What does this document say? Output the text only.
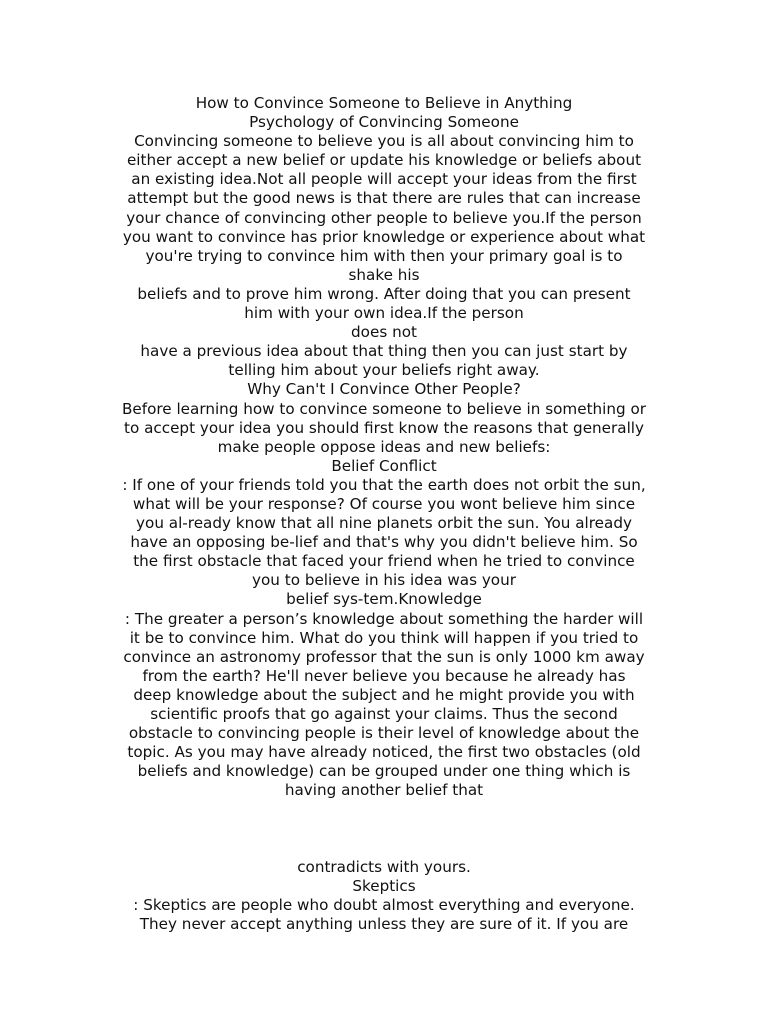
How to Convince Someone to Believe in Anything
Psychology of Convincing Someone
Convincing someone to believe you is all about convincing him to
either accept a new belief or update his knowledge or beliefs about
an existing idea.Not all people will accept your ideas from the first
attempt but the good news is that there are rules that can increase
your chance of convincing other people to believe you.If the person
you want to convince has prior knowledge or experience about what
you're trying to convince him with then your primary goal is to
shake his
beliefs and to prove him wrong. After doing that you can present
him with your own idea.If the person
does not
have a previous idea about that thing then you can just start by
telling him about your beliefs right away.
Why Can't I Convince Other People?
Before learning how to convince someone to believe in something or
to accept your idea you should first know the reasons that generally
make people oppose ideas and new beliefs:
Belief Conflict
: If one of your friends told you that the earth does not orbit the sun,
what will be your response? Of course you wont believe him since
you al-ready know that all nine planets orbit the sun. You already
have an opposing be-lief and that's why you didn't believe him. So
the first obstacle that faced your friend when he tried to convince
you to believe in his idea was your
belief sys-tem.Knowledge
: The greater a person’s knowledge about something the harder will
it be to convince him. What do you think will happen if you tried to
convince an astronomy professor that the sun is only 1000 km away
from the earth? He'll never believe you because he already has
deep knowledge about the subject and he might provide you with
scientific proofs that go against your claims. Thus the second
obstacle to convincing people is their level of knowledge about the
topic. As you may have already noticed, the first two obstacles (old
beliefs and knowledge) can be grouped under one thing which is
having another belief that
contradicts with yours.
Skeptics
: Skeptics are people who doubt almost everything and everyone.
They never accept anything unless they are sure of it. If you are
